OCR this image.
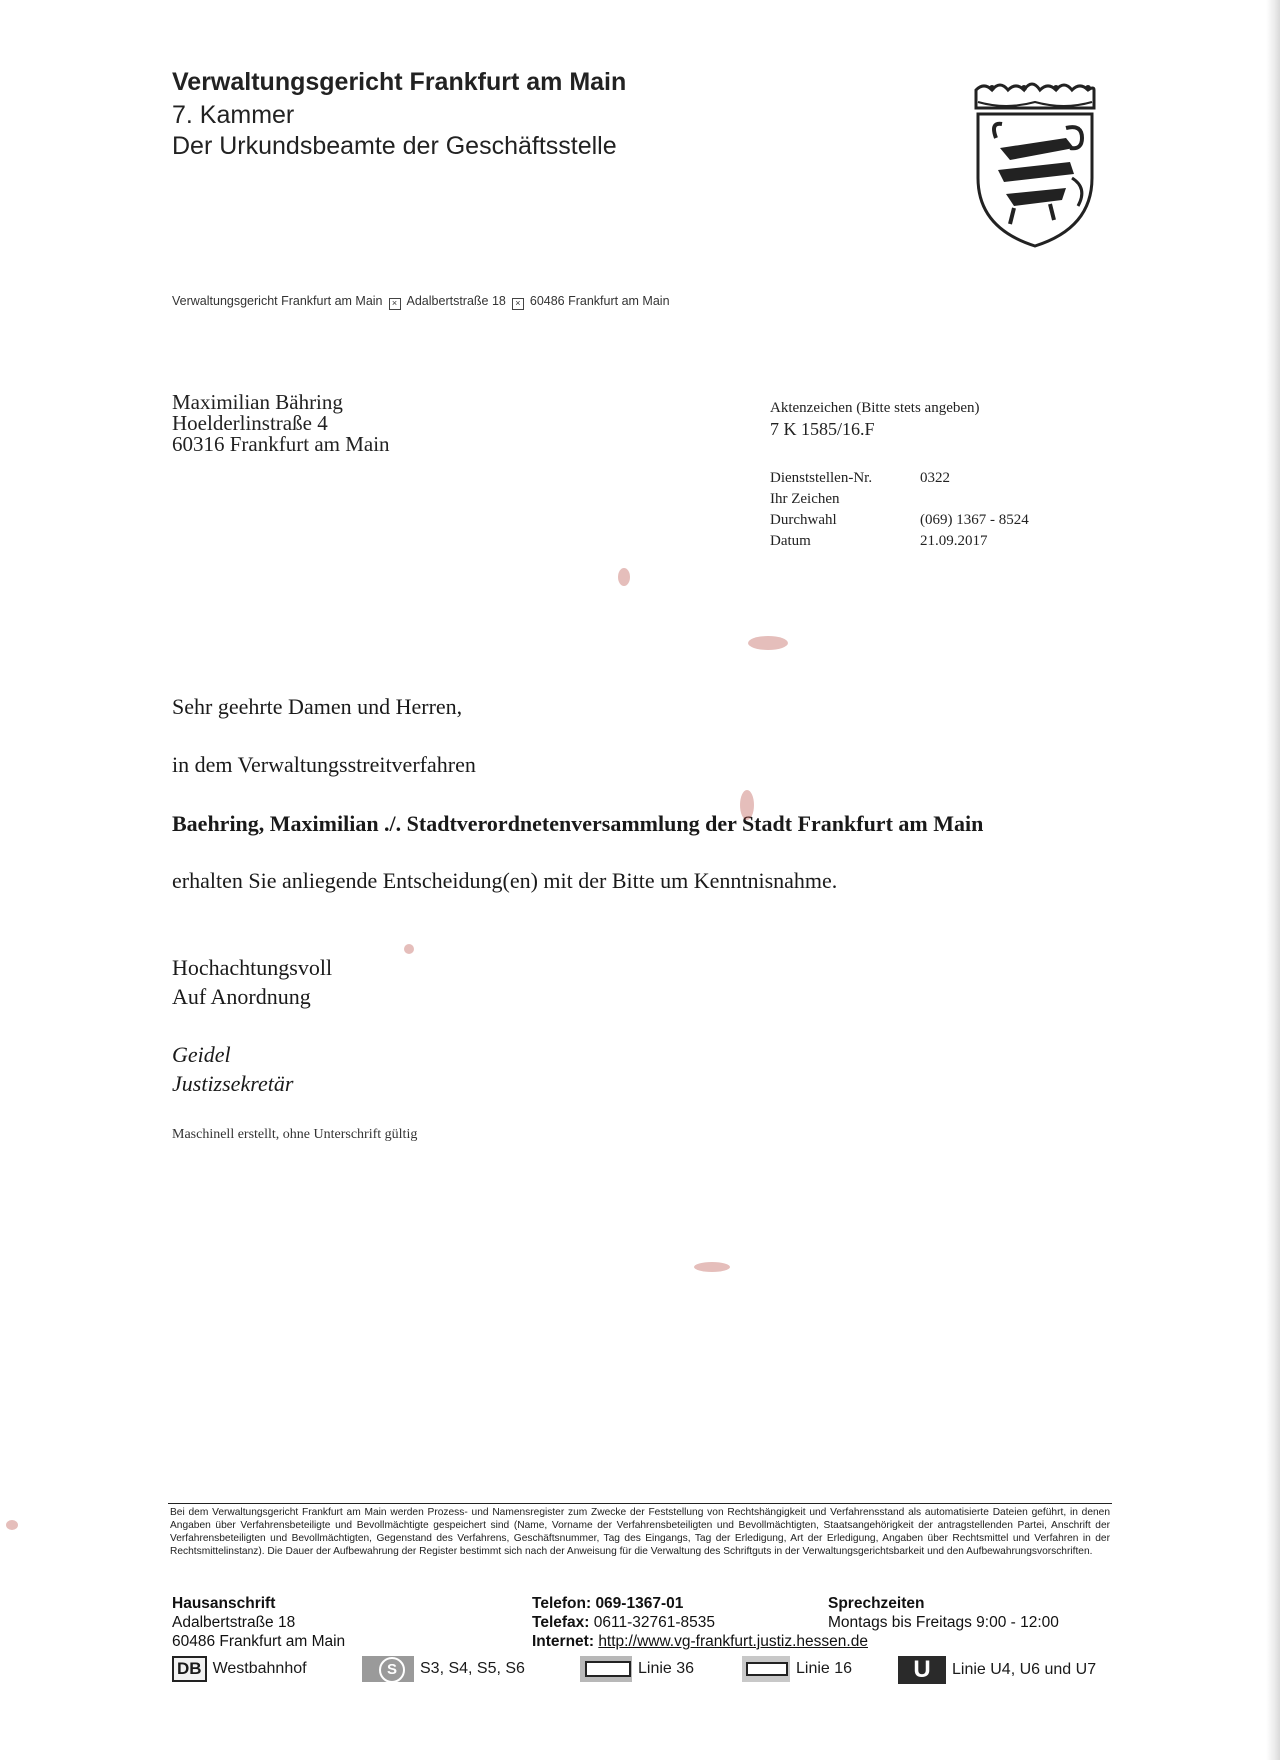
Verwaltungsgericht Frankfurt am Main
7. Kammer
Der Urkundsbeamte der Geschäftsstelle
Verwaltungsgericht Frankfurt am Main × Adalbertstraße 18 × 60486 Frankfurt am Main
Maximilian Bähring
Hoelderlinstraße 4
60316 Frankfurt am Main
Aktenzeichen (Bitte stets angeben)
7 K 1585/16.F
Dienststellen-Nr.	0322
Ihr Zeichen
Durchwahl	(069) 1367 - 8524
Datum	21.09.2017
Sehr geehrte Damen und Herren,
in dem Verwaltungsstreitverfahren
Baehring, Maximilian ./. Stadtverordnetenversammlung der Stadt Frankfurt am Main
erhalten Sie anliegende Entscheidung(en) mit der Bitte um Kenntnisnahme.
Hochachtungsvoll
Auf Anordnung
Geidel
Justizsekretär
Maschinell erstellt, ohne Unterschrift gültig
Bei dem Verwaltungsgericht Frankfurt am Main werden Prozess- und Namensregister zum Zwecke der Feststellung von Rechtshängigkeit und Verfahrensstand als automatisierte Dateien geführt, in denen Angaben über Verfahrensbeteiligte und Bevollmächtigte gespeichert sind (Name, Vorname der Verfahrensbeteiligten und Bevollmächtigten, Staatsangehörigkeit der antragstellenden Partei, Anschrift der Verfahrensbeteiligten und Bevollmächtigten, Gegenstand des Verfahrens, Geschäftsnummer, Tag des Eingangs, Tag der Erledigung, Art der Erledigung, Angaben über Rechtsmittel und Verfahren in der Rechtsmittelinstanz). Die Dauer der Aufbewahrung der Register bestimmt sich nach der Anweisung für die Verwaltung des Schriftguts in der Verwaltungsgerichtsbarkeit und den Aufbewahrungsvorschriften.
Hausanschrift
Adalbertstraße 18
60486 Frankfurt am Main
Telefon: 069-1367-01
Telefax: 0611-32761-8535
Internet: http://www.vg-frankfurt.justiz.hessen.de
Sprechzeiten
Montags bis Freitags 9:00 - 12:00
DB Westbahnhof	S	S3, S4, S5, S6	Linie 36	Linie 16	U	Linie U4, U6 und U7
